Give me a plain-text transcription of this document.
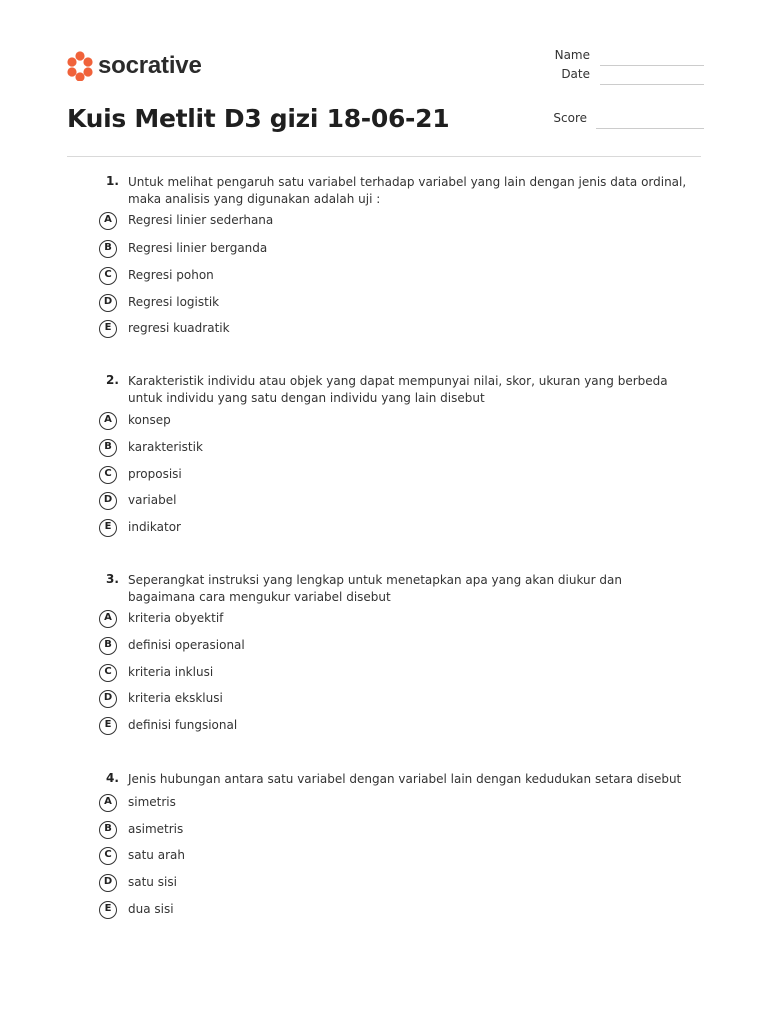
socrative	Name
Date
Score
Kuis Metlit D3 gizi 18-06-21
1. Untuk melihat pengaruh satu variabel terhadap variabel yang lain dengan jenis data ordinal, maka analisis yang digunakan adalah uji :
A	Regresi linier sederhana
B	Regresi linier berganda
C	Regresi pohon
D	Regresi logistik
E	regresi kuadratik
2. Karakteristik individu atau objek yang dapat mempunyai nilai, skor, ukuran yang berbeda untuk individu yang satu dengan individu yang lain disebut
A	konsep
B	karakteristik
C	proposisi
D	variabel
E	indikator
3. Seperangkat instruksi yang lengkap untuk menetapkan apa yang akan diukur dan bagaimana cara mengukur variabel disebut
A	kriteria obyektif
B	definisi operasional
C	kriteria inklusi
D	kriteria eksklusi
E	definisi fungsional
4. Jenis hubungan antara satu variabel dengan variabel lain dengan kedudukan setara disebut
A	simetris
B	asimetris
C	satu arah
D	satu sisi
E	dua sisi
